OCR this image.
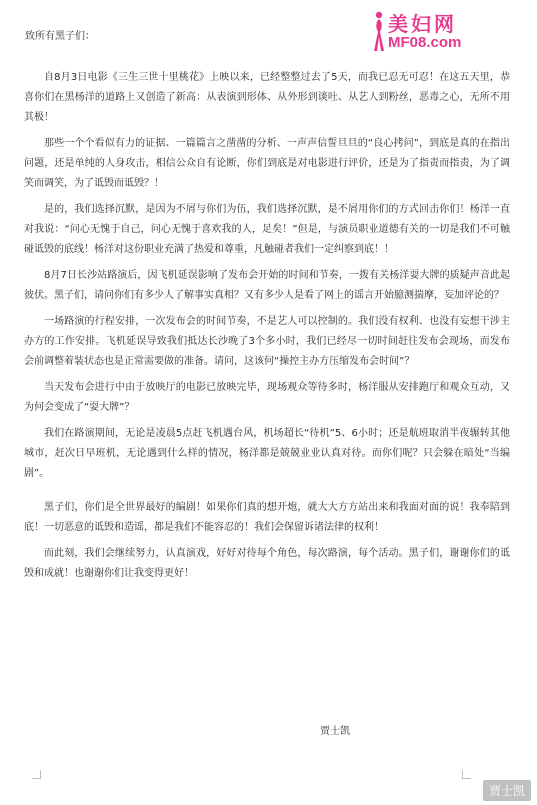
美妇网
MF08.com
致所有黑子们：

自8月3日电影《三生三世十里桃花》上映以来，已经整整过去了5天，而我已忍无可忍！在这五天里，恭喜你们在黑杨洋的道路上又创造了新高：从表演到形体、从外形到谈吐、从艺人到粉丝，恶毒之心，无所不用其极！

那些一个个看似有力的证据、一篇篇言之凿凿的分析、一声声信誓旦旦的“良心拷问”，到底是真的在指出问题，还是单纯的人身攻击，相信公众自有论断，你们到底是对电影进行评价，还是为了指责而指责，为了调笑而调笑，为了诋毁而诋毁？！

是的，我们选择沉默，是因为不屑与你们为伍，我们选择沉默，是不屑用你们的方式回击你们！杨洋一直对我说：“问心无愧于自己，问心无愧于喜欢我的人，足矣！”但是，与演员职业道德有关的一切是我们不可触碰诋毁的底线！杨洋对这份职业充满了热爱和尊重，凡触碰者我们一定纠察到底！！

8月7日长沙站路演后，因飞机延误影响了发布会开始的时间和节奏，一拨有关杨洋耍大牌的质疑声音此起彼伏。黑子们，请问你们有多少人了解事实真相？又有多少人是看了网上的谣言开始臆测揣摩，妄加评论的？

一场路演的行程安排，一次发布会的时间节奏，不是艺人可以控制的。我们没有权利、也没有妄想干涉主办方的工作安排。飞机延误导致我们抵达长沙晚了3个多小时，我们已经尽一切时间赶往发布会现场，而发布会前调整着装状态也是正常需要做的准备。请问，这该何“操控主办方压缩发布会时间”？

当天发布会进行中由于放映厅的电影已放映完毕，现场观众等待多时，杨洋服从安排跑厅和观众互动，又为何会变成了“耍大牌”？

我们在路演期间，无论是凌晨5点赶飞机遇台风，机场超长“待机”5、6小时；还是航班取消半夜辗转其他城市，赶次日早班机，无论遇到什么样的情况，杨洋都是兢兢业业认真对待。而你们呢？只会躲在暗处“当编剧”。

黑子们，你们是全世界最好的编剧！如果你们真的想开炮，就大大方方站出来和我面对面的说！我奉陪到底！一切恶意的诋毁和造谣，都是我们不能容忍的！我们会保留诉诸法律的权利！

而此刻，我们会继续努力，认真演戏，好好对待每个角色，每次路演，每个活动。黑子们，谢谢你们的诋毁和成就！也谢谢你们让我变得更好！

贾士凯
贾士凯
